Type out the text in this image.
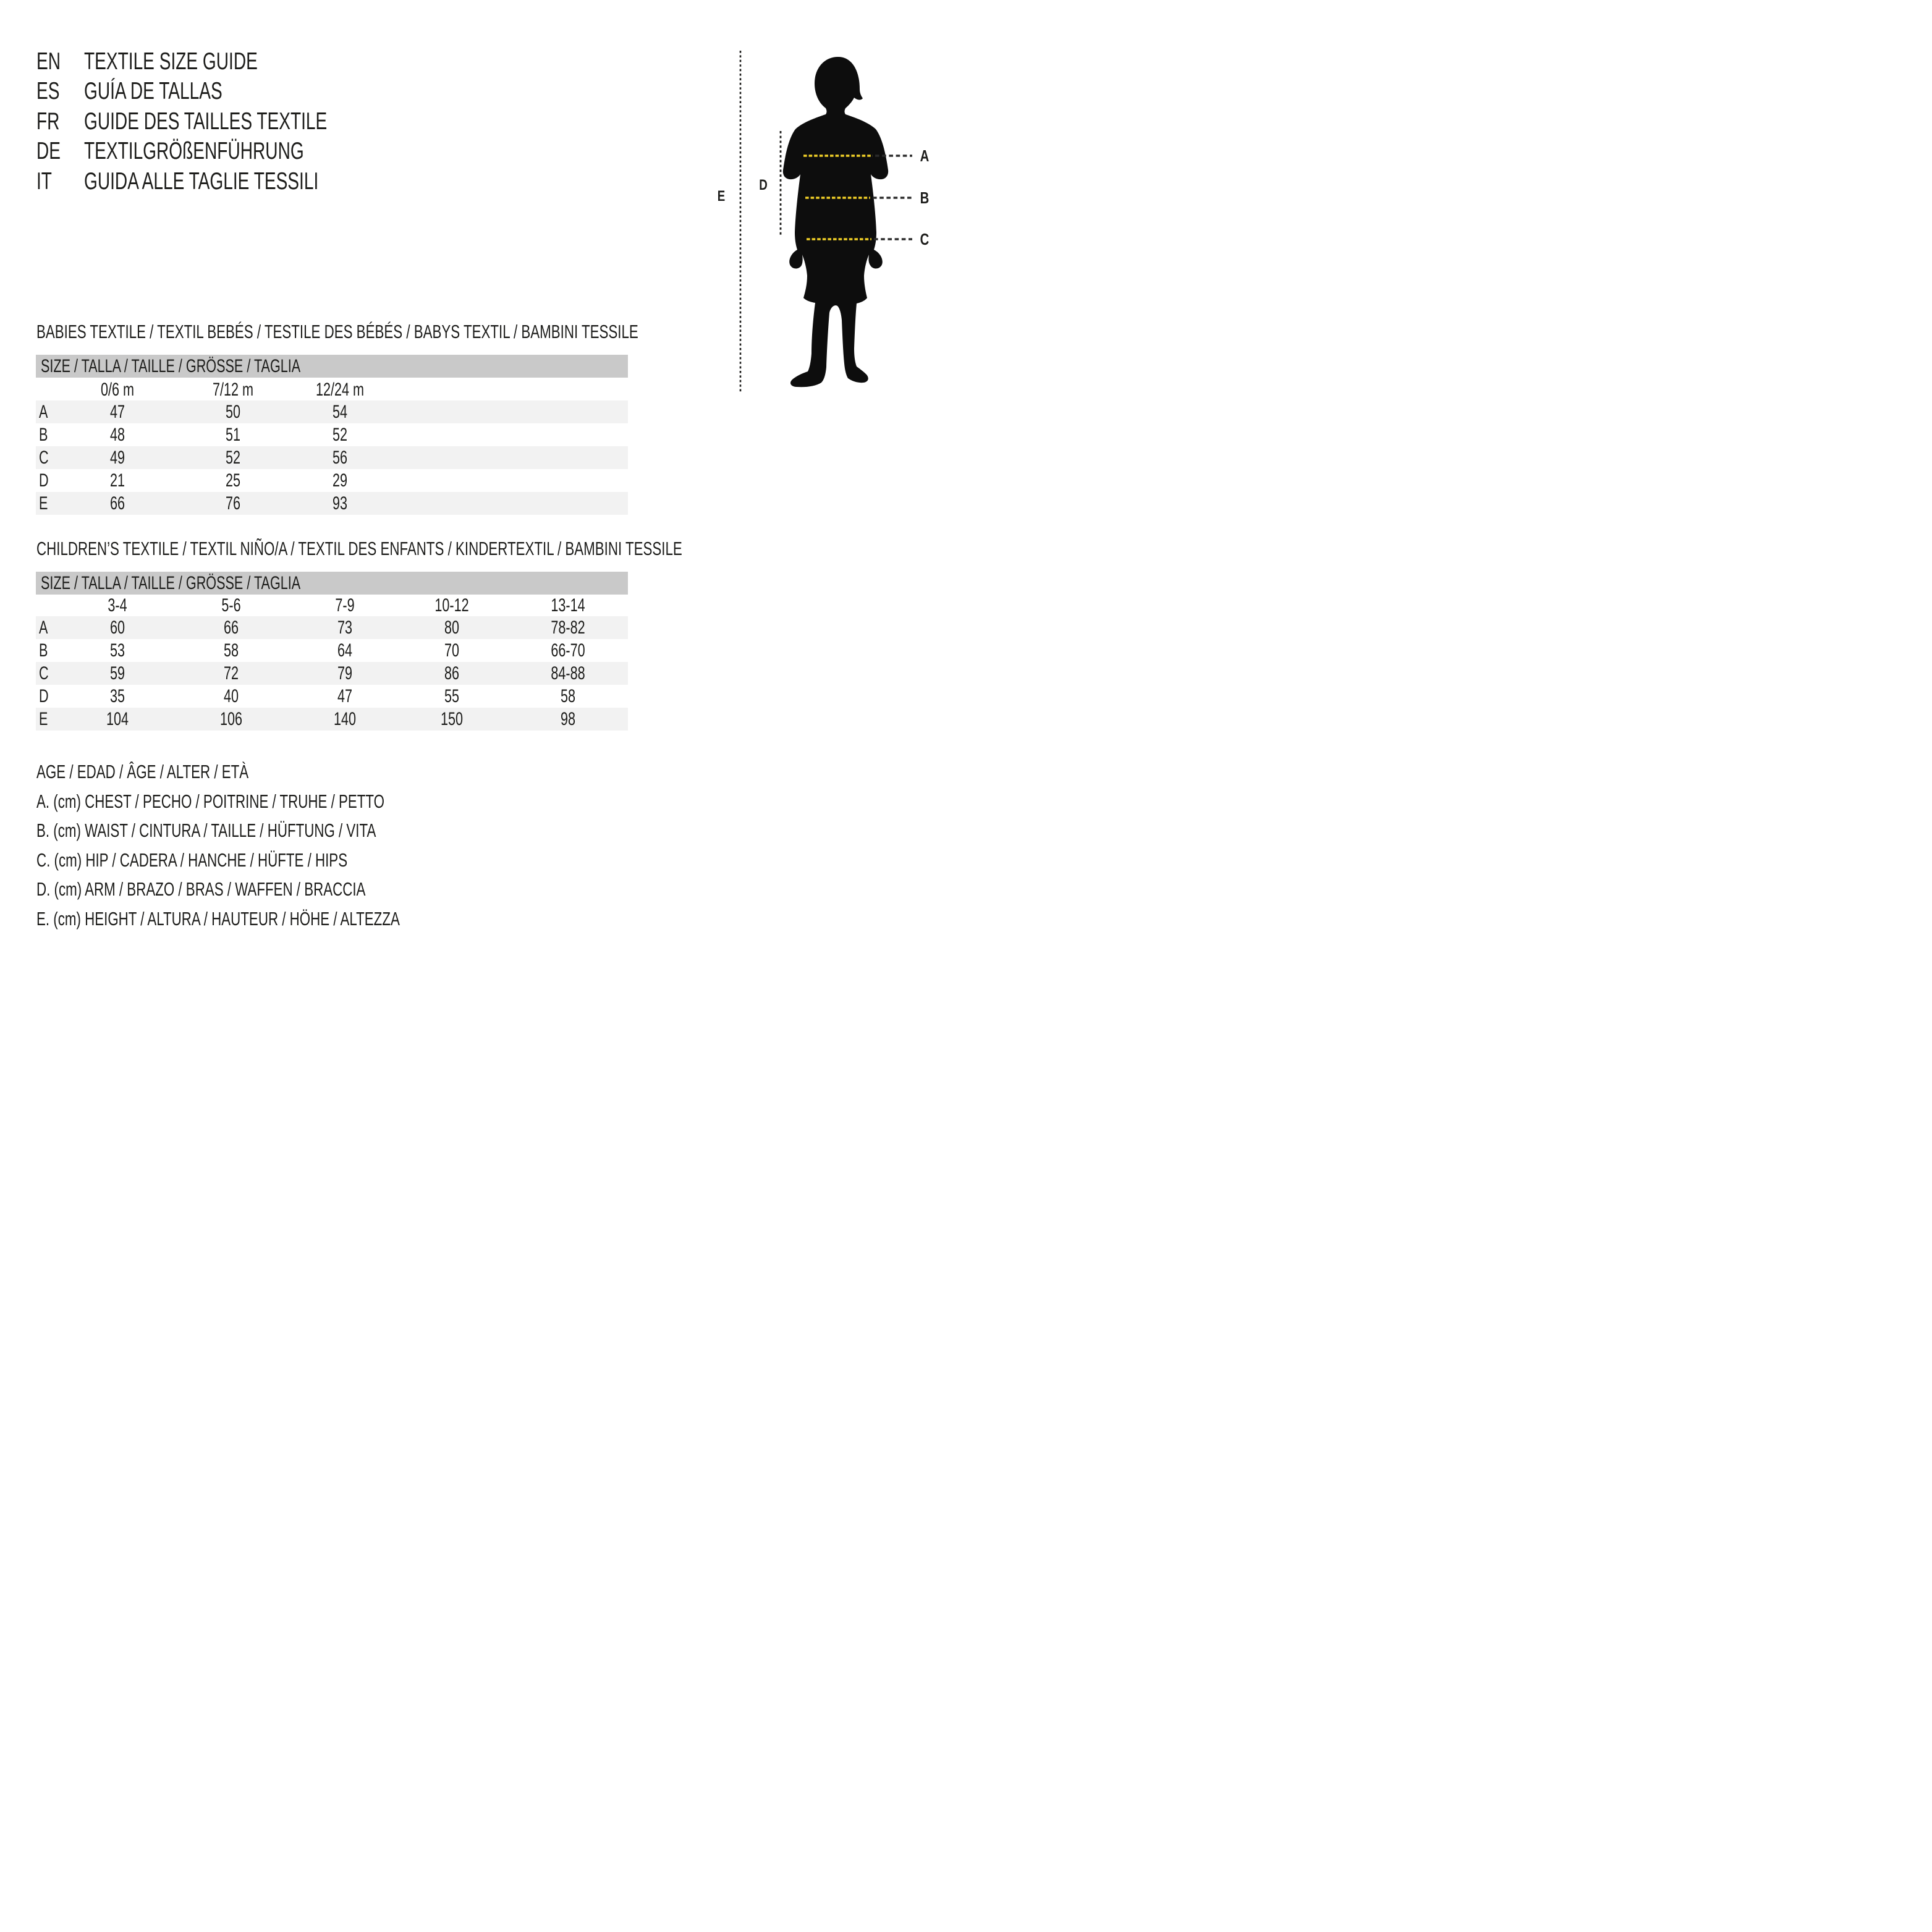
EN TEXTILE SIZE GUIDE
ES	GUÍA DE TALLAS
FR	GUIDE DES TAILLES TEXTILE
DE TEXTILGRÖßENFÜHRUNG
IT GUIDA ALLE TAGLIE TESSILI
A
B
C
D
E
BABIES TEXTILE / TEXTIL BEBÉS / TESTILE DES BÉBÉS / BABYS TEXTIL / BAMBINI TESSILE
SIZE / TALLA / TAILLE / GRÖSSE / TAGLIA
0/6 m	7/12 m	12/24 m
A	47	50	54
B	48	51	52
C	49	52	56
D	21	25	29
E	66	76	93
CHILDREN’S TEXTILE / TEXTIL NIÑO/A / TEXTIL DES ENFANTS / KINDERTEXTIL / BAMBINI TESSILE
SIZE / TALLA / TAILLE / GRÖSSE / TAGLIA
3-4	5-6	7-9	10-12	13-14
A	60	66	73	80	78-82
B	53	58	64	70	66-70
C	59	72	79	86	84-88
D	35	40	47	55	58
E	104	106	140	150	98
AGE / EDAD / ÂGE / ALTER / ETÀ
A. (cm) CHEST / PECHO / POITRINE / TRUHE / PETTO
B. (cm) WAIST / CINTURA / TAILLE / HÜFTUNG / VITA
C. (cm) HIP / CADERA / HANCHE / HÜFTE / HIPS
D. (cm) ARM / BRAZO / BRAS / WAFFEN / BRACCIA
E. (cm) HEIGHT / ALTURA / HAUTEUR / HÖHE / ALTEZZA
